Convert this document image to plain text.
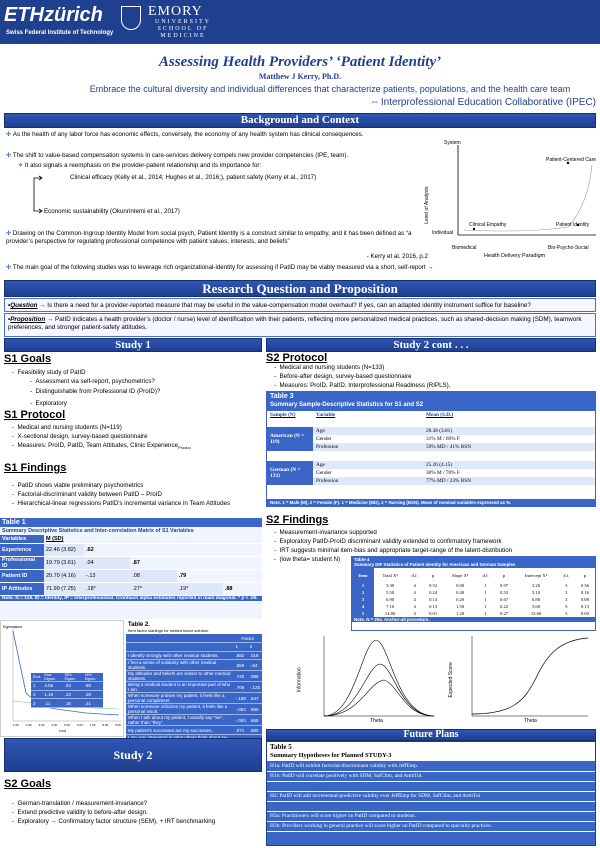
ETHzürich
Swiss Federal Institute of Technology
EMORY
UNIVERSITY SCHOOL OF MEDICINE
Assessing Health Providers’ ‘Patient Identity’
Matthew J Kerry, Ph.D.
Embrace the cultural diversity and individual differences that characterize patients, populations, and the health care team
-- Interprofessional Education Collaborative (IPEC)
Background and Context
✢ As the health of any labor force has economic effects, conversely, the economy of any health system has clinical consequences.
✢ The shift to value-based compensation systems in care-services delivery compels new provider competencies (IPE, team).
✧ It also signals a reemphasis on the provider-patient relationship and its importance for:
Clinical efficacy (Kelly et al., 2014; Hughes et al., 2016;), patient safety (Kerry et al., 2017)
Economic sustainability (Okunrintemi et al., 2017)
✢ Drawing on the Common-Ingroup Identity Model from social psych, Patient Identity is a construct similar to empathy, and it has been defined as “a provider’s perspective for regulating professional competence with patient values, interests, and beliefs”
- Kerry et al. 2016, p.2
✢ The main goal of the following studies was to leverage rich organizational-identity for assessing if PatID may be viably measured via a short, self-report →
System
Level of Analysis
Individual
Clinical Empathy	Patient Identity
Patient-Centered Care
Biomedical	Bio-Psycho-Social
Health Delivery Paradigm
Research Question and Proposition
•Question → Is there a need for a provider-reported measure that may be useful in the value-compensation model overhaul? If yes, can an adapted identity instrument suffice for baseline?
•Proposition → PatID indicates a health provider’s (doctor / nurse) level of identification with their patients, reflecting more personalized medical practices, such as shared-decision making (SDM), teamwork preferences, and stronger patient-safety attitudes.
Study 1
S1 Goals
-  Feasibility study of PatID
-  Assessment via self-report, psychometrics?
-  Distinguishable from Professional ID (ProID)?
-  Exploratory
S1 Protocol
-  Medical and nursing students (N=119)
-  X-sectional design, survey-based questionnaire
-  Measures: ProID, PatID, Team Attitudes, Clinic Experience$_{Produc}$
S1 Findings
-  PatID shows viable preliminary psychometrics
-  Factorial-discriminant validity between PatID – ProID
-  Hierarchical-linear regressions PatID's incremental variance in Team Attitudes
Table 1
Summary Descriptive Statistics and Inter-correlation Matrix of S1 Variables
Variables	M (SD)				
Experience	22.46 (3.82)	.62			
Professional ID	19.79 (3.61)	.04	.87		
Patient ID	20.70 (4.16)	-.13	.08	.79	
IP Attitudes	71.99 (7.25)	.18*	.27*	.19*	.88
Note. N = 119. ID = Identity, IP = Interprofessional. Cronbach alpha estimates reported in main diagonal. * p < .05.
Root	Raw Eigvec.	95% Eigvec.	95% Eigvec.
1	4.56	.34	.60
2	1.19	.23	.30
3	.11	.15	.21
Eigenvalues
1.00 2.00 3.00 4.00 5.00 6.00 7.00 8.00 9.00
root
Table 2.
Item factor loadings for related factor solution.
	Factor	
	1	2
I identify strongly with other medical students.	.882	.018
I feel a sense of solidarity with other medical students.	.859	-.54
My attitudes and beliefs are similar to other medical students.	.740	.085
Being a medical student is an important part of who I am.	.706	-.125
When someone praises my patient, it feels like a personal compliment.	-.169	.847
When someone criticizes my patient, it feels like a personal insult.	-.063	.690
When I talk about my patient, I usually say "we", rather than "they".	-.053	.665
My patient's successes are my successes.	.071	.660

Study 2
S2 Goals
-  German-translation / measurement-invariance?
-  Extend predictive validity to before-after design.
-  Exploratory → Confirmatory factor structure (SEM), + IRT benchmarking
Study 2 cont . . .
S2 Protocol
-  Medical and nursing students (N=133)
-  Before-after design, survey-based questionnaire
-  Measures: ProID, PatID, Interprofessional Readiness (RIPLS),
Table 3
Summary Sample-Descriptive Statistics for S1 and S2
Sample (N)	Variable	Mean (S.D.)

American (N = 119)	Age	28.38 (3.81)
	Gender	31% M / 69% F
	Profession	59% MD / 41% BSN

German (N = 133)	Age	25.26 (4.15)
	Gender	30% M / 70% F
	Profession	77% MD / 23% BSN
Note. 1 = Male (M), 2 = Female (F). 1 = Medicine (MD), 2 = Nursing (BSN). Mean of nominal variables expressed as %.
S2 Findings
-  Measurement-invariance supported
-  Exploratory PatID-ProID discriminant validity extended to confirmatory framework
-  IRT suggests minimal item-bias and appropriate target-range of the latent-distribution
-  (low theta= student N)	Table 4
Summary DIF Statistics of Patient Identity for American and German Samples
Item	Total X²	d.f.	p	Slope X²	d.f.	p	Intercept X²	d.f.	p
1	3.30	4	0.52	0.00	1	0.97	3.20	3	0.36
2	5.50	4	0.24	0.40	1	0.53	5.10	3	0.16
3	6.90	4	0.14	0.20	1	0.67	6.80	3	0.08
4	7.10	4	0.13	1.50	1	0.22	5.60	3	0.13
5	14.80	4	0.01	1.20	1	0.27	13.60	3	0.00
Note. N = 254. Anchor-all procedure.
Information
Theta
Expected Score
Theta
Future Plans
Table 5
Summary Hypotheses for Planned STUDY-3
H1a: PatID will exhibit factorial-discriminant validity with JeffEmp.
H1b: PatID will correlate positively with SDM, SafClim, and AmbTol.

H2: PatID will add incremental-predictive validity over JeffEmp for SDM, SafClim, and AmbTol

H3a: Practitioners will score higher on PatID compared to students.
H3b: Providers working in general practice will score higher on PatID compared to specialty practices.
